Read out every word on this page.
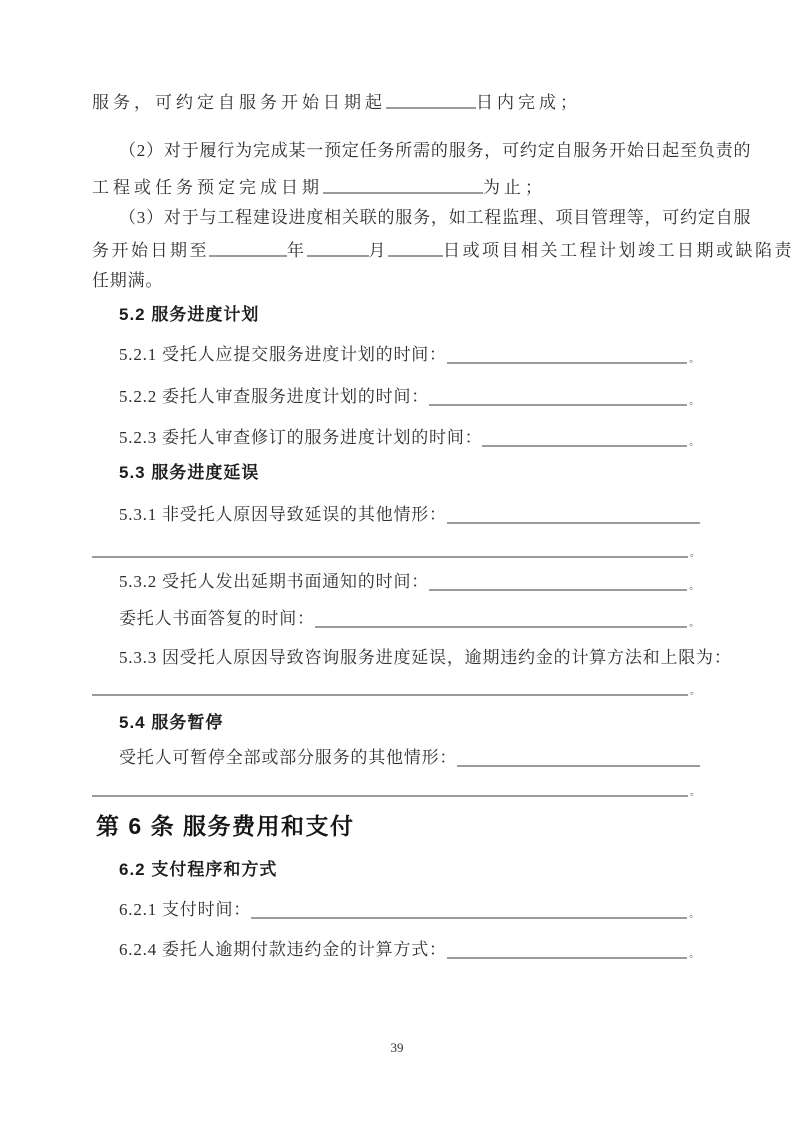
服务，可约定自服务开始日期起	日内完成；

（2）对于履行为完成某一预定任务所需的服务，可约定自服务开始日起至负责的

工程或任务预定完成日期	为止；

（3）对于与工程建设进度相关联的服务，如工程监理、项目管理等，可约定自服

务开始日期至	年	月	日或项目相关工程计划竣工日期或缺陷责

任期满。

5.2 服务进度计划

5.2.1 受托人应提交服务进度计划的时间：	。

5.2.2 委托人审查服务进度计划的时间：	。

5.2.3 委托人审查修订的服务进度计划的时间：	。

5.3 服务进度延误

5.3.1 非受托人原因导致延误的其他情形：

。

5.3.2 受托人发出延期书面通知的时间：	。

委托人书面答复的时间：	。

5.3.3 因受托人原因导致咨询服务进度延误，逾期违约金的计算方法和上限为：

。

5.4 服务暂停

受托人可暂停全部或部分服务的其他情形：

。

第 6 条 服务费用和支付

6.2 支付程序和方式

6.2.1 支付时间：	。

6.2.4 委托人逾期付款违约金的计算方式：	。

39
